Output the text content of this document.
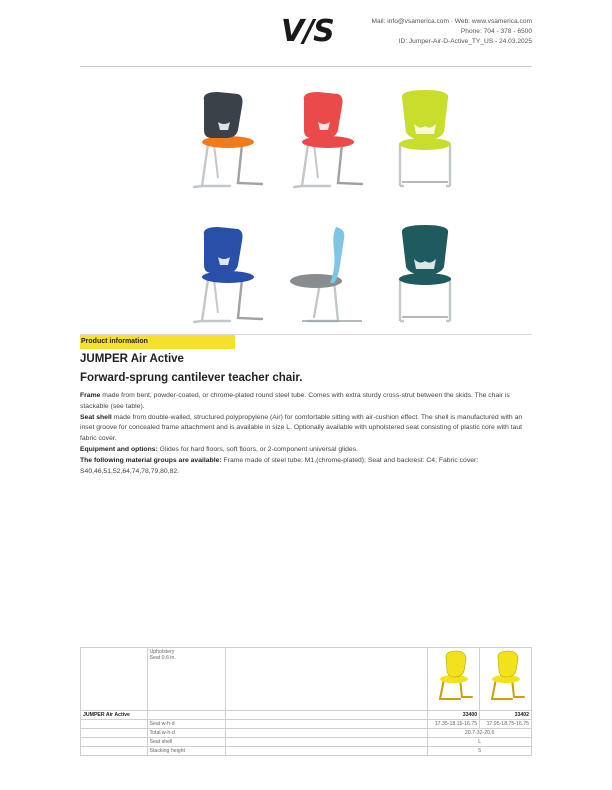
V/S	Mail: info@vsamerica.com · Web: www.vsamerica.com
Phone: 704 - 378 - 6500
ID: Jumper-Air-D-Active_TY_US - 24.03.2025
Product information
JUMPER Air Active
Forward-sprung cantilever teacher chair.

Frame made from bent, powder-coated, or chrome-plated round steel tube. Comes with extra sturdy cross-strut between the skids. The chair is stackable (see table).

Seat shell made from double-walled, structured polypropylene (Air) for comfortable sitting with air-cushion effect. The shell is manufactured with an inset groove for concealed frame attachment and is available in size L. Optionally available with upholstered seat consisting of plastic core with taut fabric cover.

Equipment and options: Glides for hard floors, soft floors, or 2-component universal glides.

The following material groups are available: Frame made of steel tube: M1,(chrome-plated); Seat and backrest: C4; Fabric cover: S40,46,51,52,64,74,78,79,80,82.

	Upholstery
Seat 0.6 in.

JUMPER Air Active			33400	33402
	Seat w-h-d		17.35-18.15-16.75	17.95-18.75-16.75
	Total w-h-d		20.7-32-20.6	
	Seat shell		L	
	Stacking height		5	
